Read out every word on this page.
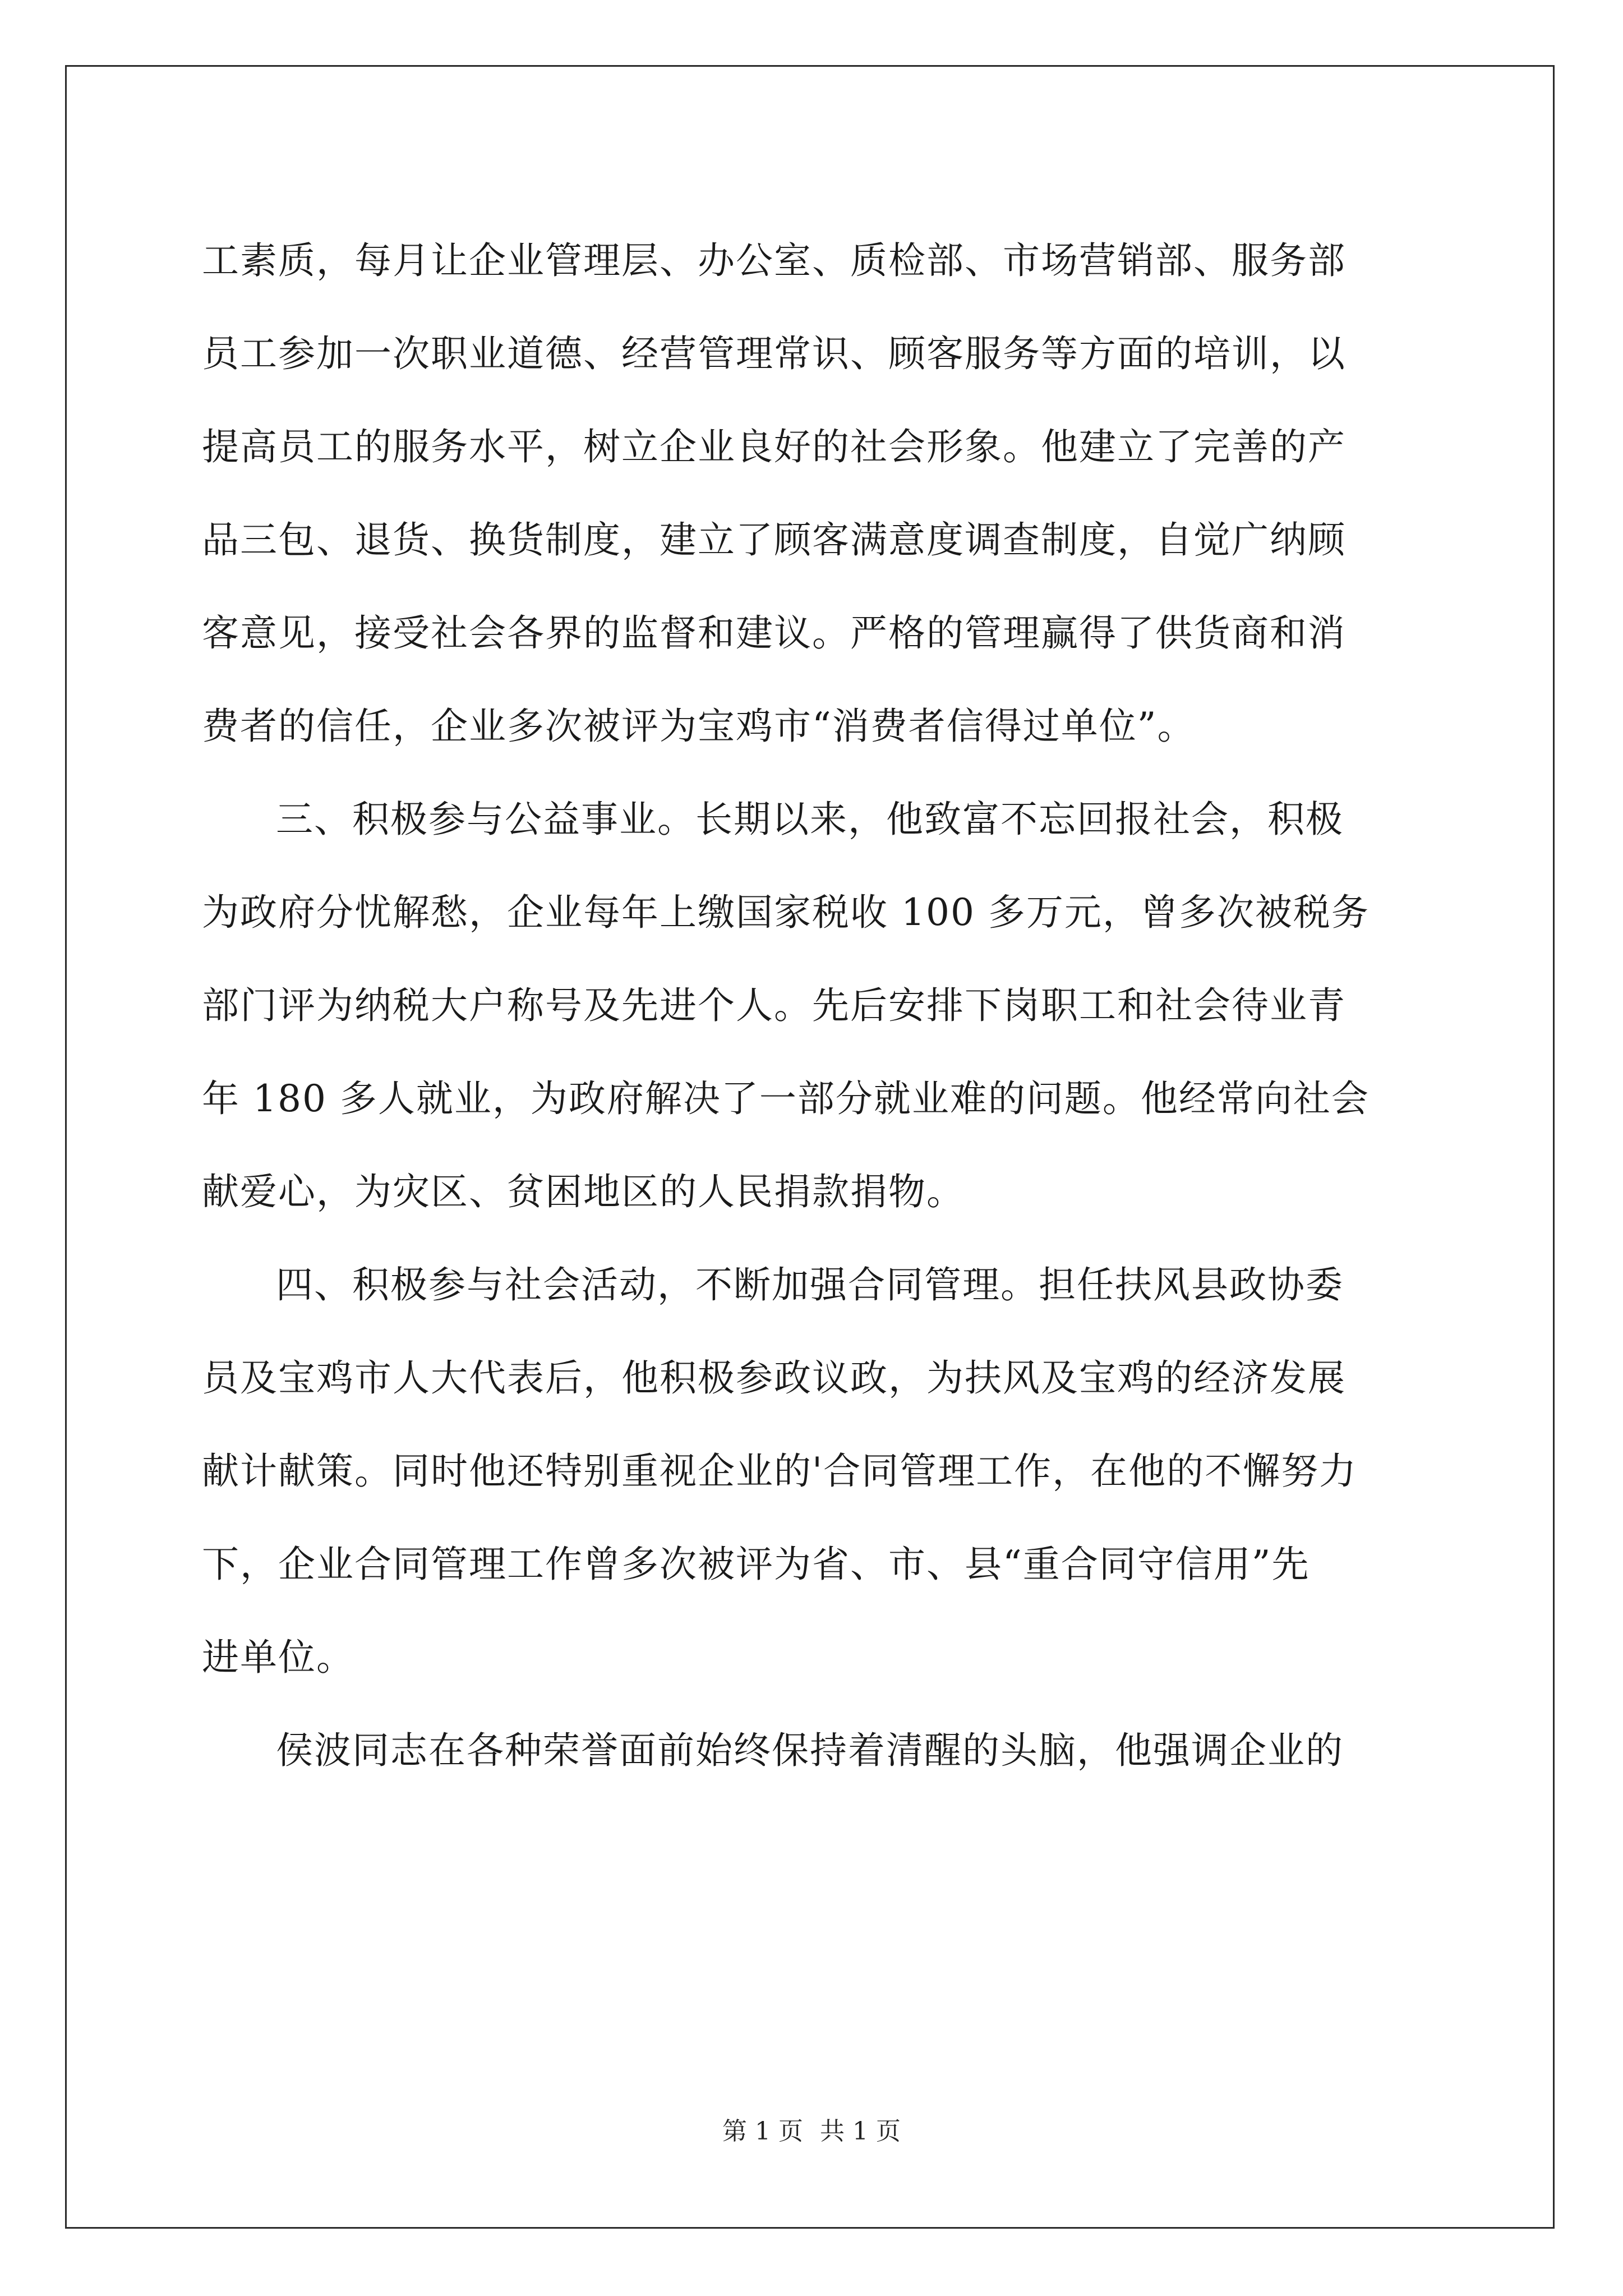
工素质，每月让企业管理层、办公室、质检部、市场营销部、服务部
员工参加一次职业道德、经营管理常识、顾客服务等方面的培训，以
提高员工的服务水平，树立企业良好的社会形象。他建立了完善的产
品三包、退货、换货制度，建立了顾客满意度调查制度，自觉广纳顾
客意见，接受社会各界的监督和建议。严格的管理赢得了供货商和消
费者的信任，企业多次被评为宝鸡市“消费者信得过单位”。
三、积极参与公益事业。长期以来，他致富不忘回报社会，积极
为政府分忧解愁，企业每年上缴国家税收 100 多万元，曾多次被税务
部门评为纳税大户称号及先进个人。先后安排下岗职工和社会待业青
年 180 多人就业，为政府解决了一部分就业难的问题。他经常向社会
献爱心，为灾区、贫困地区的人民捐款捐物。
四、积极参与社会活动，不断加强合同管理。担任扶风县政协委
员及宝鸡市人大代表后，他积极参政议政，为扶风及宝鸡的经济发展
献计献策。同时他还特别重视企业的'合同管理工作，在他的不懈努力
下，企业合同管理工作曾多次被评为省、市、县“重合同守信用”先
进单位。
侯波同志在各种荣誉面前始终保持着清醒的头脑，他强调企业的
第 1 页 共 1 页
